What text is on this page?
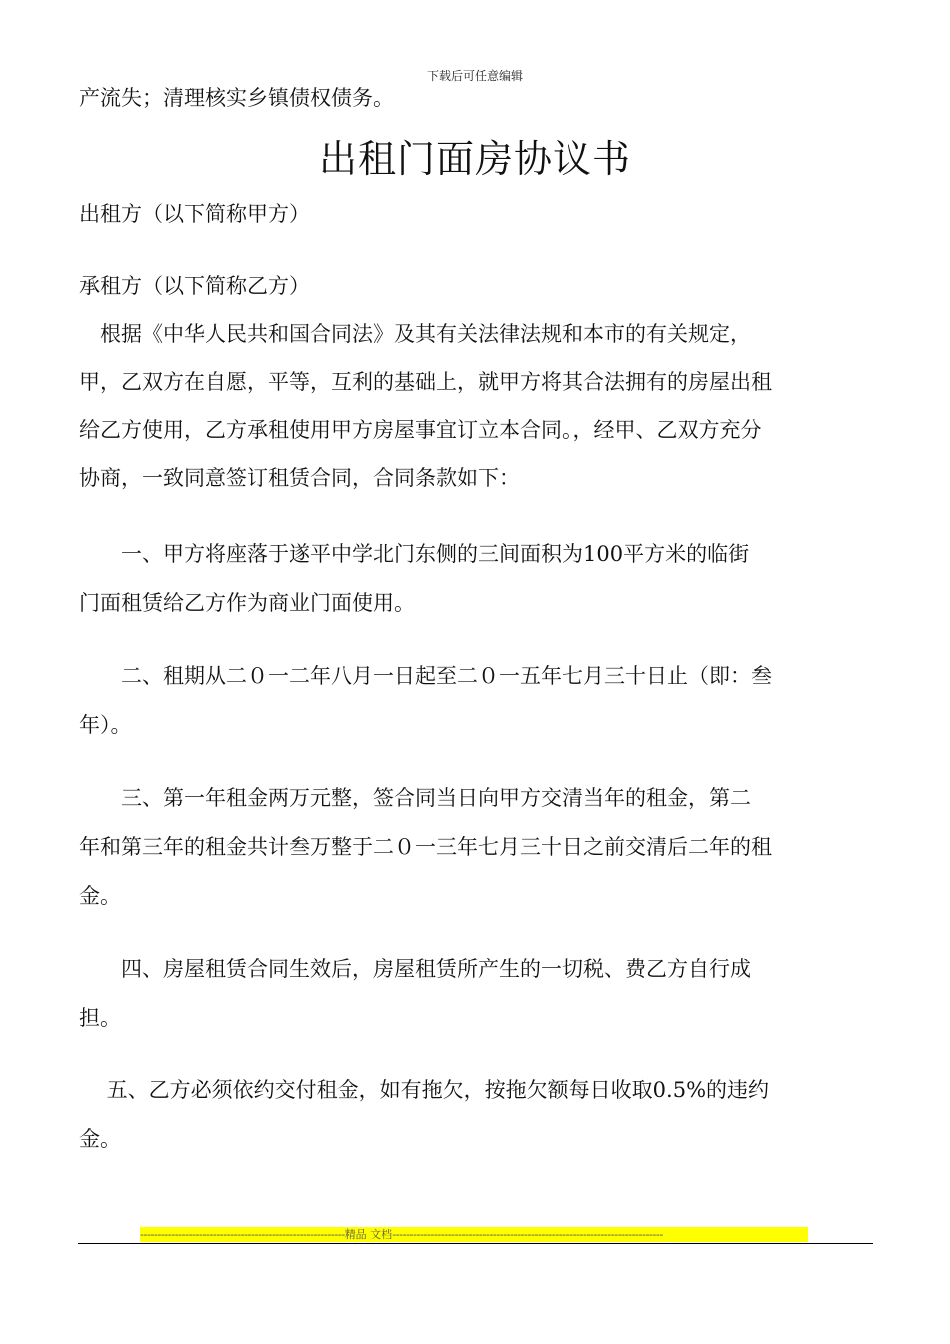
下载后可任意编辑
产流失；清理核实乡镇债权债务。
出租门面房协议书
出租方（以下简称甲方）
承租方（以下简称乙方）
　根据《中华人民共和国合同法》及其有关法律法规和本市的有关规定，
甲，乙双方在自愿，平等，互利的基础上，就甲方将其合法拥有的房屋出租
给乙方使用，乙方承租使用甲方房屋事宜订立本合同。，经甲、乙双方充分
协商，一致同意签订租赁合同，合同条款如下：
　　一、甲方将座落于遂平中学北门东侧的三间面积为100平方米的临街
门面租赁给乙方作为商业门面使用。
　　二、租期从二０一二年八月一日起至二０一五年七月三十日止（即：叁
年）。
　　三、第一年租金两万元整，签合同当日向甲方交清当年的租金，第二
年和第三年的租金共计叁万整于二０一三年七月三十日之前交清后二年的租
金。
　　四、房屋租赁合同生效后，房屋租赁所产生的一切税、费乙方自行成
担。
　 五、乙方必须依约交付租金，如有拖欠，按拖欠额每日收取0.5%的违约
金。
-----------------------------------------------------------精品 文档------------------------------------------------------------------------------
